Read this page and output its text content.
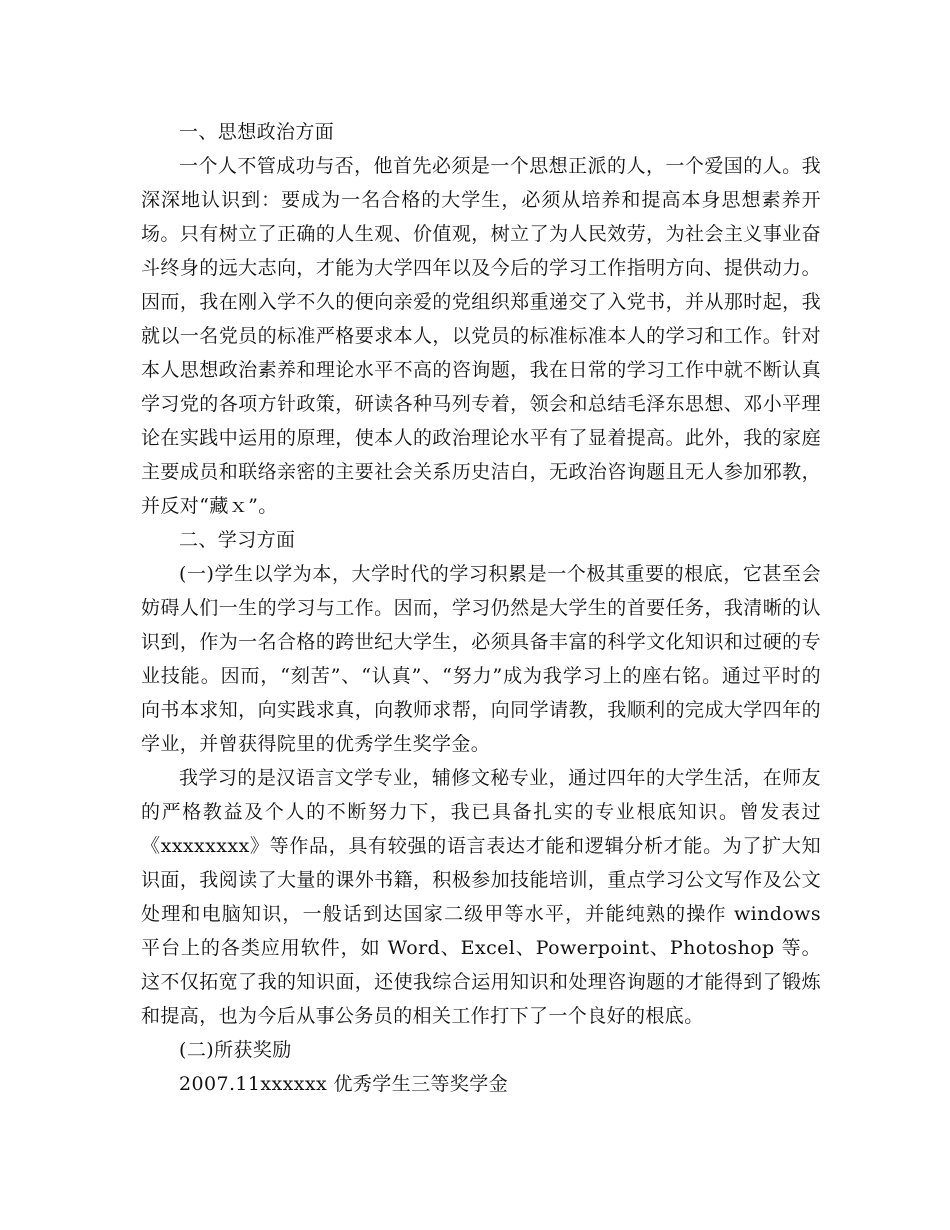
一、思想政治方面

一个人不管成功与否，他首先必须是一个思想正派的人，一个爱国的人。我深深地认识到：要成为一名合格的大学生，必须从培养和提高本身思想素养开场。只有树立了正确的人生观、价值观，树立了为人民效劳，为社会主义事业奋斗终身的远大志向，才能为大学四年以及今后的学习工作指明方向、提供动力。因而，我在刚入学不久的便向亲爱的党组织郑重递交了入党书，并从那时起，我就以一名党员的标准严格要求本人，以党员的标准标准本人的学习和工作。针对本人思想政治素养和理论水平不高的咨询题，我在日常的学习工作中就不断认真学习党的各项方针政策，研读各种马列专着，领会和总结毛泽东思想、邓小平理论在实践中运用的原理，使本人的政治理论水平有了显着提高。此外，我的家庭主要成员和联络亲密的主要社会关系历史洁白，无政治咨询题且无人参加邪教，并反对“藏ｘ”。

二、学习方面

(一)学生以学为本，大学时代的学习积累是一个极其重要的根底，它甚至会妨碍人们一生的学习与工作。因而，学习仍然是大学生的首要任务，我清晰的认识到，作为一名合格的跨世纪大学生，必须具备丰富的科学文化知识和过硬的专业技能。因而，“刻苦”、“认真”、“努力”成为我学习上的座右铭。通过平时的向书本求知，向实践求真，向教师求帮，向同学请教，我顺利的完成大学四年的学业，并曾获得院里的优秀学生奖学金。

我学习的是汉语言文学专业，辅修文秘专业，通过四年的大学生活，在师友的严格教益及个人的不断努力下，我已具备扎实的专业根底知识。曾发表过《xxxxxxxx》等作品，具有较强的语言表达才能和逻辑分析才能。为了扩大知识面，我阅读了大量的课外书籍，积极参加技能培训，重点学习公文写作及公文处理和电脑知识，一般话到达国家二级甲等水平，并能纯熟的操作 windows 平台上的各类应用软件，如 Word、Excel、Powerpoint、Photoshop 等。这不仅拓宽了我的知识面，还使我综合运用知识和处理咨询题的才能得到了锻炼和提高，也为今后从事公务员的相关工作打下了一个良好的根底。

(二)所获奖励

2007.11xxxxxx 优秀学生三等奖学金
